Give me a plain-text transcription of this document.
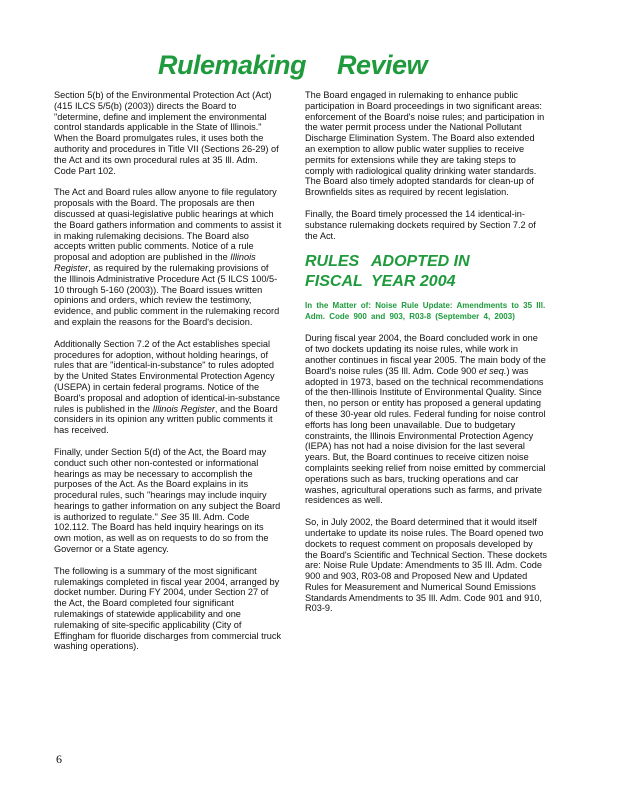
Rulemaking Review

Section 5(b) of the Environmental Protection Act (Act) (415 ILCS 5/5(b) (2003)) directs the Board to "determine, define and implement the environmental control standards applicable in the State of Illinois." When the Board promulgates rules, it uses both the authority and procedures in Title VII (Sections 26-29) of the Act and its own procedural rules at 35 Ill. Adm. Code Part 102.

The Act and Board rules allow anyone to file regulatory proposals with the Board. The proposals are then discussed at quasi-legislative public hearings at which the Board gathers information and comments to assist it in making rulemaking decisions. The Board also accepts written public comments. Notice of a rule proposal and adoption are published in the Illinois Register, as required by the rulemaking provisions of the Illinois Administrative Procedure Act (5 ILCS 100/5-10 through 5-160 (2003)). The Board issues written opinions and orders, which review the testimony, evidence, and public comment in the rulemaking record and explain the reasons for the Board's decision.

Additionally Section 7.2 of the Act establishes special procedures for adoption, without holding hearings, of rules that are "identical-in-substance" to rules adopted by the United States Environmental Protection Agency (USEPA) in certain federal programs. Notice of the Board's proposal and adoption of identical-in-substance rules is published in the Illinois Register, and the Board considers in its opinion any written public comments it has received.

Finally, under Section 5(d) of the Act, the Board may conduct such other non-contested or informational hearings as may be necessary to accomplish the purposes of the Act. As the Board explains in its procedural rules, such "hearings may include inquiry hearings to gather information on any subject the Board is authorized to regulate." See 35 Ill. Adm. Code 102.112. The Board has held inquiry hearings on its own motion, as well as on requests to do so from the Governor or a State agency.

The following is a summary of the most significant rulemakings completed in fiscal year 2004, arranged by docket number. During FY 2004, under Section 27 of the Act, the Board completed four significant rulemakings of statewide applicability and one rulemaking of site-specific applicability (City of Effingham for fluoride discharges from commercial truck washing operations).

The Board engaged in rulemaking to enhance public participation in Board proceedings in two significant areas: enforcement of the Board's noise rules; and participation in the water permit process under the National Pollutant Discharge Elimination System. The Board also extended an exemption to allow public water supplies to receive permits for extensions while they are taking steps to comply with radiological quality drinking water standards. The Board also timely adopted standards for clean-up of Brownfields sites as required by recent legislation.

Finally, the Board timely processed the 14 identical-in-substance rulemaking dockets required by Section 7.2 of the Act.

RULES ADOPTED IN
FISCAL YEAR 2004

In the Matter of: Noise Rule Update: Amendments to 35 Ill. Adm. Code 900 and 903, R03-8 (September 4, 2003)

During fiscal year 2004, the Board concluded work in one of two dockets updating its noise rules, while work in another continues in fiscal year 2005. The main body of the Board's noise rules (35 Ill. Adm. Code 900 et seq.) was adopted in 1973, based on the technical recommendations of the then-Illinois Institute of Environmental Quality. Since then, no person or entity has proposed a general updating of these 30-year old rules. Federal funding for noise control efforts has long been unavailable. Due to budgetary constraints, the Illinois Environmental Protection Agency (IEPA) has not had a noise division for the last several years. But, the Board continues to receive citizen noise complaints seeking relief from noise emitted by commercial operations such as bars, trucking operations and car washes, agricultural operations such as farms, and private residences as well.

So, in July 2002, the Board determined that it would itself undertake to update its noise rules. The Board opened two dockets to request comment on proposals developed by the Board's Scientific and Technical Section. These dockets are: Noise Rule Update: Amendments to 35 Ill. Adm. Code 900 and 903, R03-08 and Proposed New and Updated Rules for Measurement and Numerical Sound Emissions Standards Amendments to 35 Ill. Adm. Code 901 and 910, R03-9.

6
